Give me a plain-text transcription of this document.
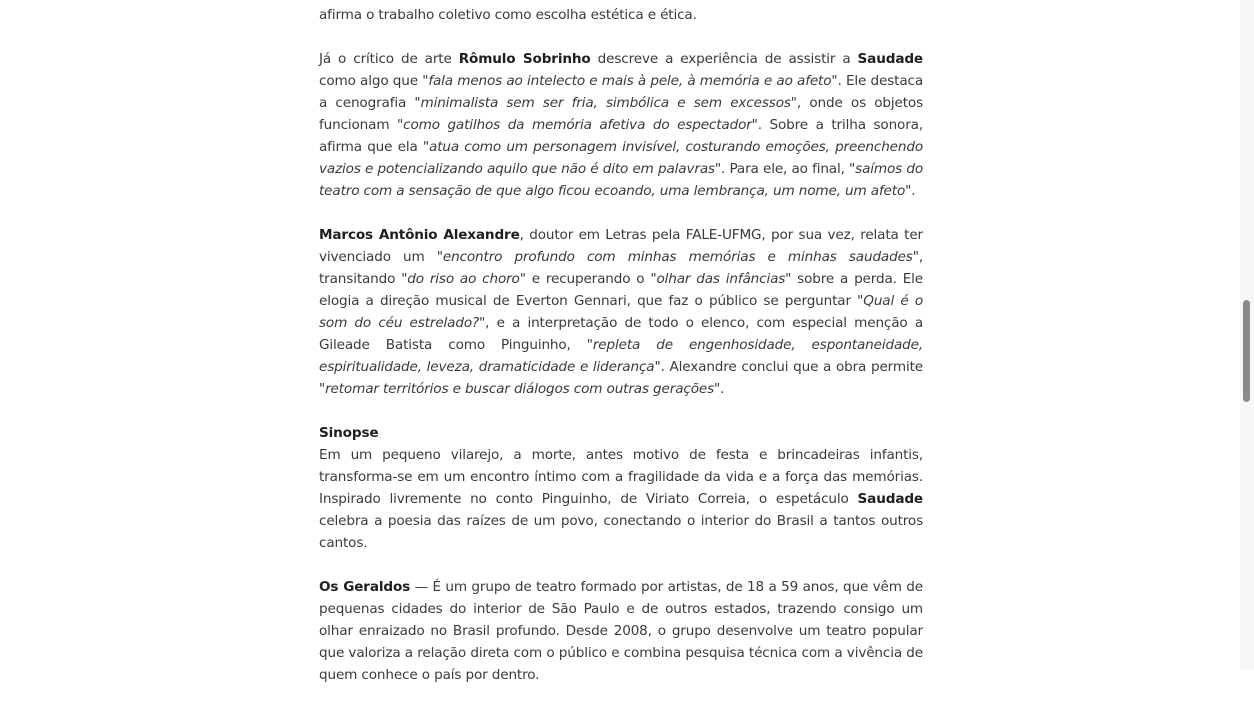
afirma o trabalho coletivo como escolha estética e ética.

Já o crítico de arte Rômulo Sobrinho descreve a experiência de assistir a Saudade como algo que "fala menos ao intelecto e mais à pele, à memória e ao afeto". Ele destaca a cenografia "minimalista sem ser fria, simbólica e sem excessos", onde os objetos funcionam "como gatilhos da memória afetiva do espectador". Sobre a trilha sonora, afirma que ela "atua como um personagem invisível, costurando emoções, preenchendo vazios e potencializando aquilo que não é dito em palavras". Para ele, ao final, "saímos do teatro com a sensação de que algo ficou ecoando, uma lembrança, um nome, um afeto".

Marcos Antônio Alexandre, doutor em Letras pela FALE-UFMG, por sua vez, relata ter vivenciado um "encontro profundo com minhas memórias e minhas saudades", transitando "do riso ao choro" e recuperando o "olhar das infâncias" sobre a perda. Ele elogia a direção musical de Everton Gennari, que faz o público se perguntar "Qual é o som do céu estrelado?", e a interpretação de todo o elenco, com especial menção a Gileade Batista como Pinguinho, "repleta de engenhosidade, espontaneidade, espiritualidade, leveza, dramaticidade e liderança". Alexandre conclui que a obra permite "retomar territórios e buscar diálogos com outras gerações".

Sinopse
Em um pequeno vilarejo, a morte, antes motivo de festa e brincadeiras infantis, transforma-se em um encontro íntimo com a fragilidade da vida e a força das memórias. Inspirado livremente no conto Pinguinho, de Viriato Correia, o espetáculo Saudade celebra a poesia das raízes de um povo, conectando o interior do Brasil a tantos outros cantos.

Os Geraldos — É um grupo de teatro formado por artistas, de 18 a 59 anos, que vêm de pequenas cidades do interior de São Paulo e de outros estados, trazendo consigo um olhar enraizado no Brasil profundo. Desde 2008, o grupo desenvolve um teatro popular que valoriza a relação direta com o público e combina pesquisa técnica com a vivência de quem conhece o país por dentro.
